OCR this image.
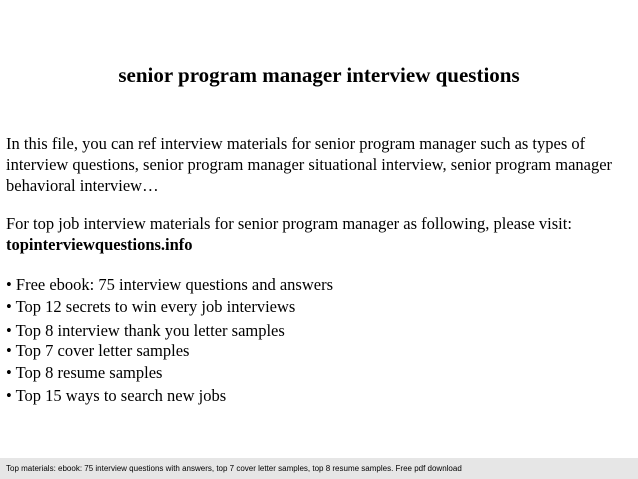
senior program manager interview questions

In this file, you can ref interview materials for senior program manager such as types of interview questions, senior program manager situational interview, senior program manager behavioral interview…

For top job interview materials for senior program manager as following, please visit:
topinterviewquestions.info

• Free ebook: 75 interview questions and answers
• Top 12 secrets to win every job interviews
• Top 8 interview thank you letter samples
• Top 7 cover letter samples
• Top 8 resume samples
• Top 15 ways to search new jobs
Top materials: ebook: 75 interview questions with answers, top 7 cover letter samples, top 8 resume samples. Free pdf download
